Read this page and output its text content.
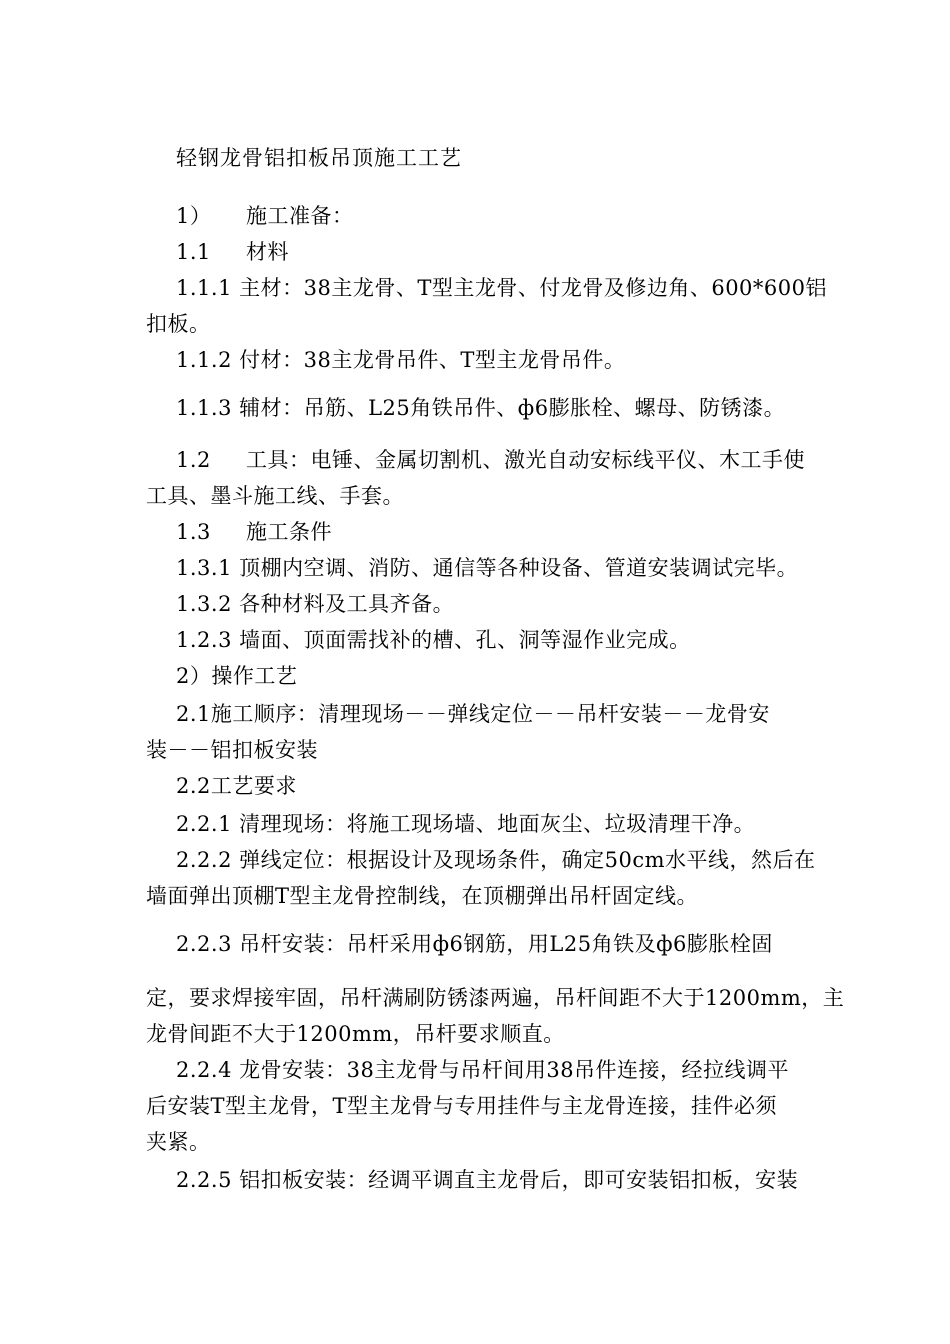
轻钢龙骨铝扣板吊顶施工工艺
1） 施工准备：
1.1 材料
1.1.1 主材：38主龙骨、T型主龙骨、付龙骨及修边角、600*600铝
扣板。
1.1.2 付材：38主龙骨吊件、T型主龙骨吊件。
1.1.3 辅材：吊筋、L25角铁吊件、ф6膨胀栓、螺母、防锈漆。
1.2 工具：电锤、金属切割机、激光自动安标线平仪、木工手使
工具、墨斗施工线、手套。
1.3 施工条件
1.3.1 顶棚内空调、消防、通信等各种设备、管道安装调试完毕。
1.3.2 各种材料及工具齐备。
1.2.3 墙面、顶面需找补的槽、孔、洞等湿作业完成。
2）操作工艺
2.1施工顺序：清理现场－－弹线定位－－吊杆安装－－龙骨安
装－－铝扣板安装
2.2工艺要求
2.2.1 清理现场：将施工现场墙、地面灰尘、垃圾清理干净。
2.2.2 弹线定位：根据设计及现场条件，确定50cm水平线，然后在
墙面弹出顶棚T型主龙骨控制线，在顶棚弹出吊杆固定线。
2.2.3 吊杆安装：吊杆采用ф6钢筋，用L25角铁及ф6膨胀栓固
定，要求焊接牢固，吊杆满刷防锈漆两遍，吊杆间距不大于1200mm，主
龙骨间距不大于1200mm，吊杆要求顺直。
2.2.4 龙骨安装：38主龙骨与吊杆间用38吊件连接，经拉线调平
后安装T型主龙骨，T型主龙骨与专用挂件与主龙骨连接，挂件必须
夹紧。
2.2.5 铝扣板安装：经调平调直主龙骨后，即可安装铝扣板，安装
